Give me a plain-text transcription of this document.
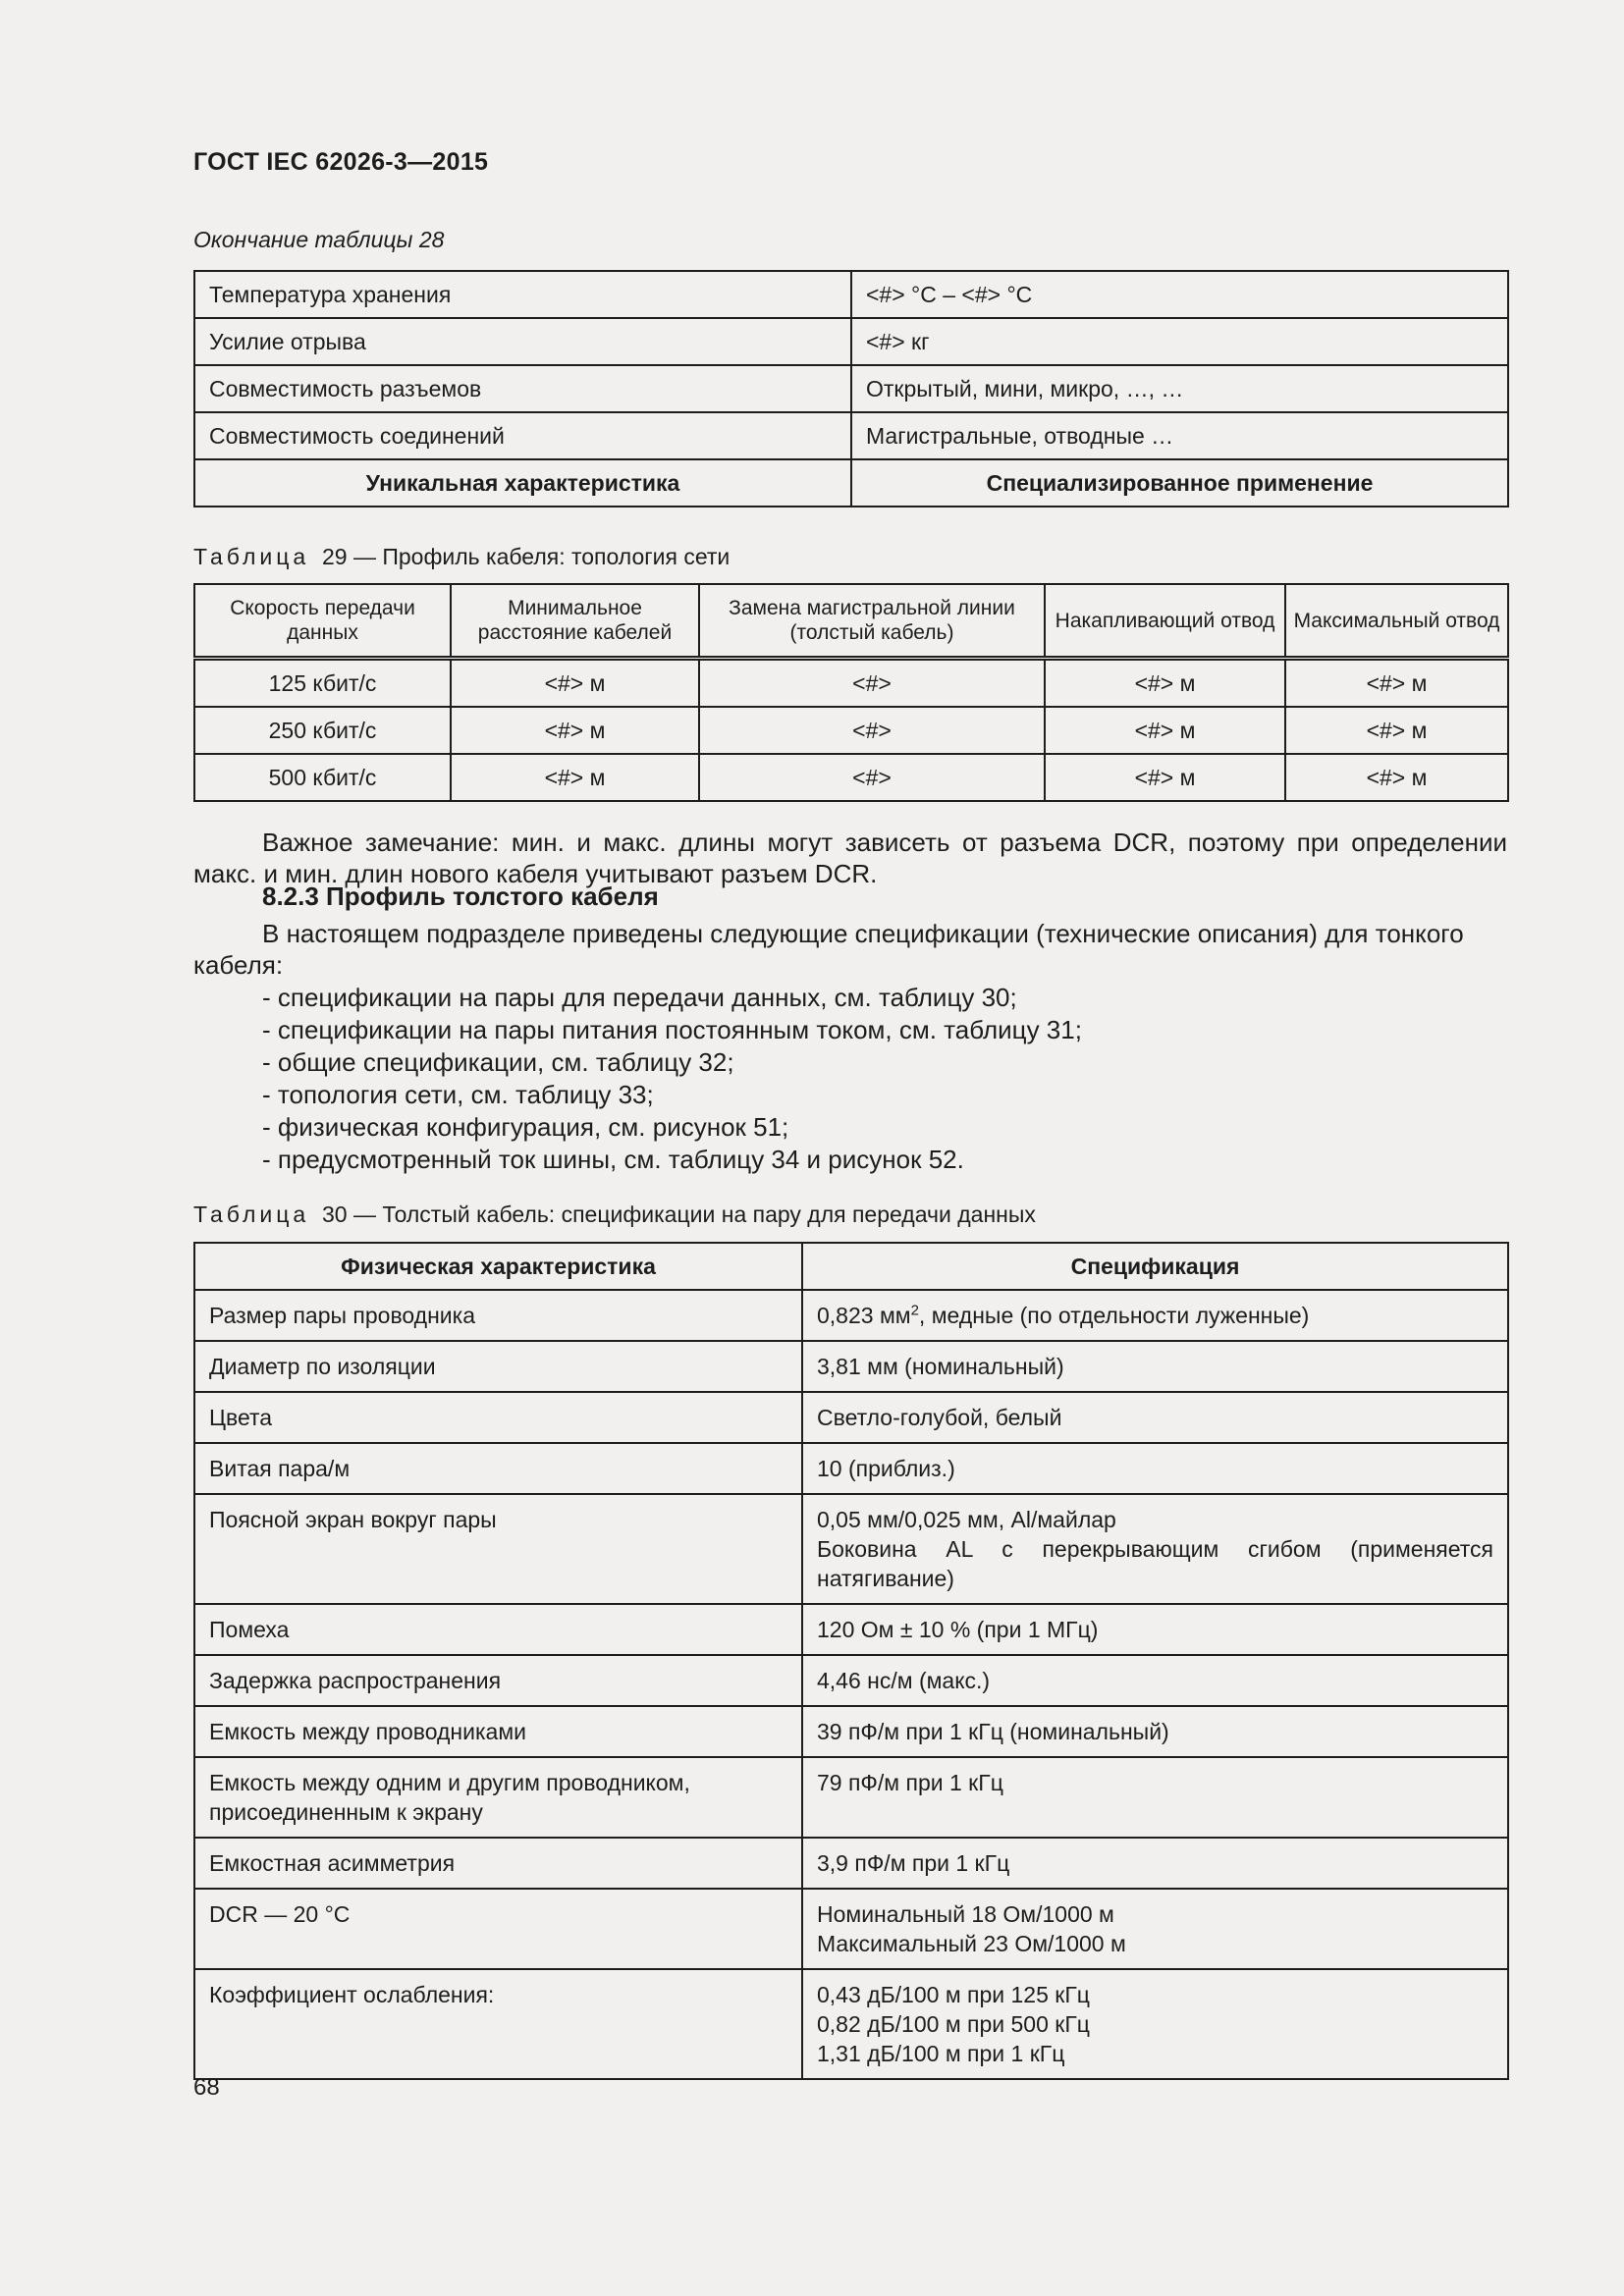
ГОСТ IEC 62026-3—2015
Окончание таблицы 28
Температура хранения	<#> °С – <#> °С
Усилие отрыва	<#> кг
Совместимость разъемов	Открытый, мини, микро, …, …
Совместимость соединений	Магистральные, отводные …
Уникальная характеристика	Специализированное применение
Таблица 29 — Профиль кабеля: топология сети
Скорость передачи данных	Минимальное расстояние кабелей	Замена магистральной линии (толстый кабель)	Накапливающий отвод	Максимальный отвод
125 кбит/с	<#> м	<#>	<#> м	<#> м
250 кбит/с	<#> м	<#>	<#> м	<#> м
500 кбит/с	<#> м	<#>	<#> м	<#> м
Важное замечание: мин. и макс. длины могут зависеть от разъема DCR, поэтому при определении макс. и мин. длин нового кабеля учитывают разъем DCR.
8.2.3 Профиль толстого кабеля
В настоящем подразделе приведены следующие спецификации (технические описания) для тонкого кабеля:
- спецификации на пары для передачи данных, см. таблицу 30;
- спецификации на пары питания постоянным током, см. таблицу 31;
- общие спецификации, см. таблицу 32;
- топология сети, см. таблицу 33;
- физическая конфигурация, см. рисунок 51;
- предусмотренный ток шины, см. таблицу 34 и рисунок 52.
Таблица 30 — Толстый кабель: спецификации на пару для передачи данных
Физическая характеристика	Спецификация
Размер пары проводника	0,823 $мм^2$, медные (по отдельности луженные)
Диаметр по изоляции	3,81 мм (номинальный)
Цвета	Светло-голубой, белый
Витая пара/м	10 (приблиз.)
Поясной экран вокруг пары	0,05 мм/0,025 мм, Al/майлар
Боковина AL с перекрывающим сгибом (применяется натягивание)

Помеха	120 Ом ± 10 % (при 1 МГц)
Задержка распространения	4,46 нс/м (макс.)
Емкость между проводниками	39 пФ/м при 1 кГц (номинальный)
Емкость между одним и другим проводником, присоединенным к экрану	79 пФ/м при 1 кГц
Емкостная асимметрия	3,9 пФ/м при 1 кГц
DCR — 20 °С	Номинальный 18 Ом/1000 м
Максимальный 23 Ом/1000 м

Коэффициент ослабления:	0,43 дБ/100 м при 125 кГц
0,82 дБ/100 м при 500 кГц
1,31 дБ/100 м при 1 кГц
68
